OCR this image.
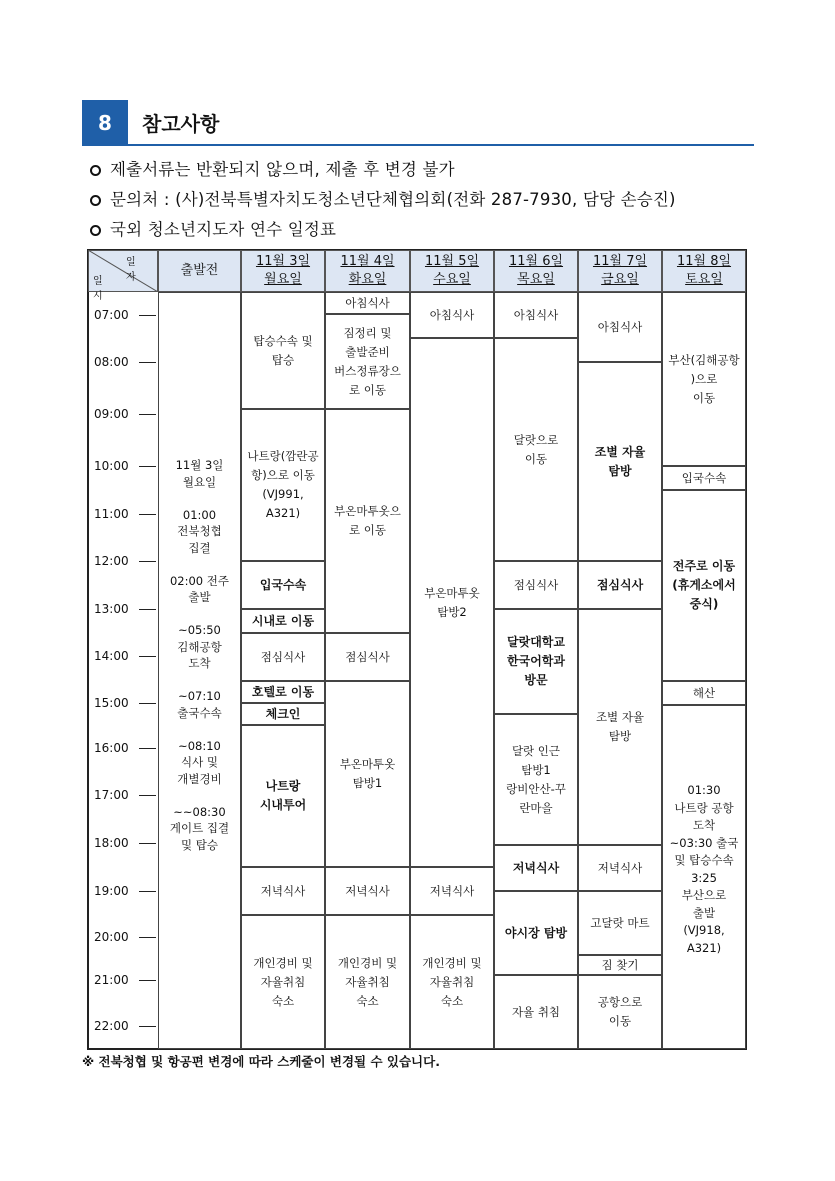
8	참고사항
제출서류는 반환되지 않으며, 제출 후 변경 불가
문의처 : (사)전북특별자치도청소년단체협의회(전화 287-7930, 담당 손승진)
국외 청소년지도자 연수 일정표
일자
일시
출발전
11월 3일
월요일
11월 4일
화요일
11월 5일
수요일
11월 6일
목요일
11월 7일
금요일
11월 8일
토요일
07:00
08:00
09:00
10:00
11:00
12:00
13:00
14:00
15:00
16:00
17:00
18:00
19:00
20:00
21:00
22:00
11월 3일
월요일

01:00
전북청협
집결

02:00 전주
출발

~05:50
김해공항
도착

~07:10
출국수속

~08:10
식사 및
개별경비

~~08:30
게이트 집결
및 탑승
탑승수속 및
탑승
나트랑(깜란공
항)으로 이동
(VJ991,
A321)
입국수속
시내로 이동
점심식사
호텔로 이동
체크인
나트랑
시내투어
저녁식사
개인경비 및
자율취침
숙소
아침식사
짐정리 및
출발준비
버스정류장으
로 이동
부온마투옷으
로 이동
점심식사
부온마투옷
탐방1
저녁식사
개인경비 및
자율취침
숙소
아침식사
부온마투옷
탐방2
저녁식사
개인경비 및
자율취침
숙소
아침식사
달랏으로
이동
점심식사
달랏대학교
한국어학과
방문
달랏 인근
탐방1
랑비안산-꾸
란마을
저녁식사
야시장 탐방
자율 취침
아침식사
조별 자율
탐방
점심식사
조별 자율
탐방
저녁식사
고달랏 마트
짐 찾기
공항으로
이동
부산(김해공항
)으로
이동
입국수속
전주로 이동
(휴게소에서
중식)
해산
01:30
나트랑 공항
도착
~03:30 출국
및 탑승수속
3:25
부산으로
출발
(VJ918,
A321)
※ 전북청협 및 항공편 변경에 따라 스케줄이 변경될 수 있습니다.
